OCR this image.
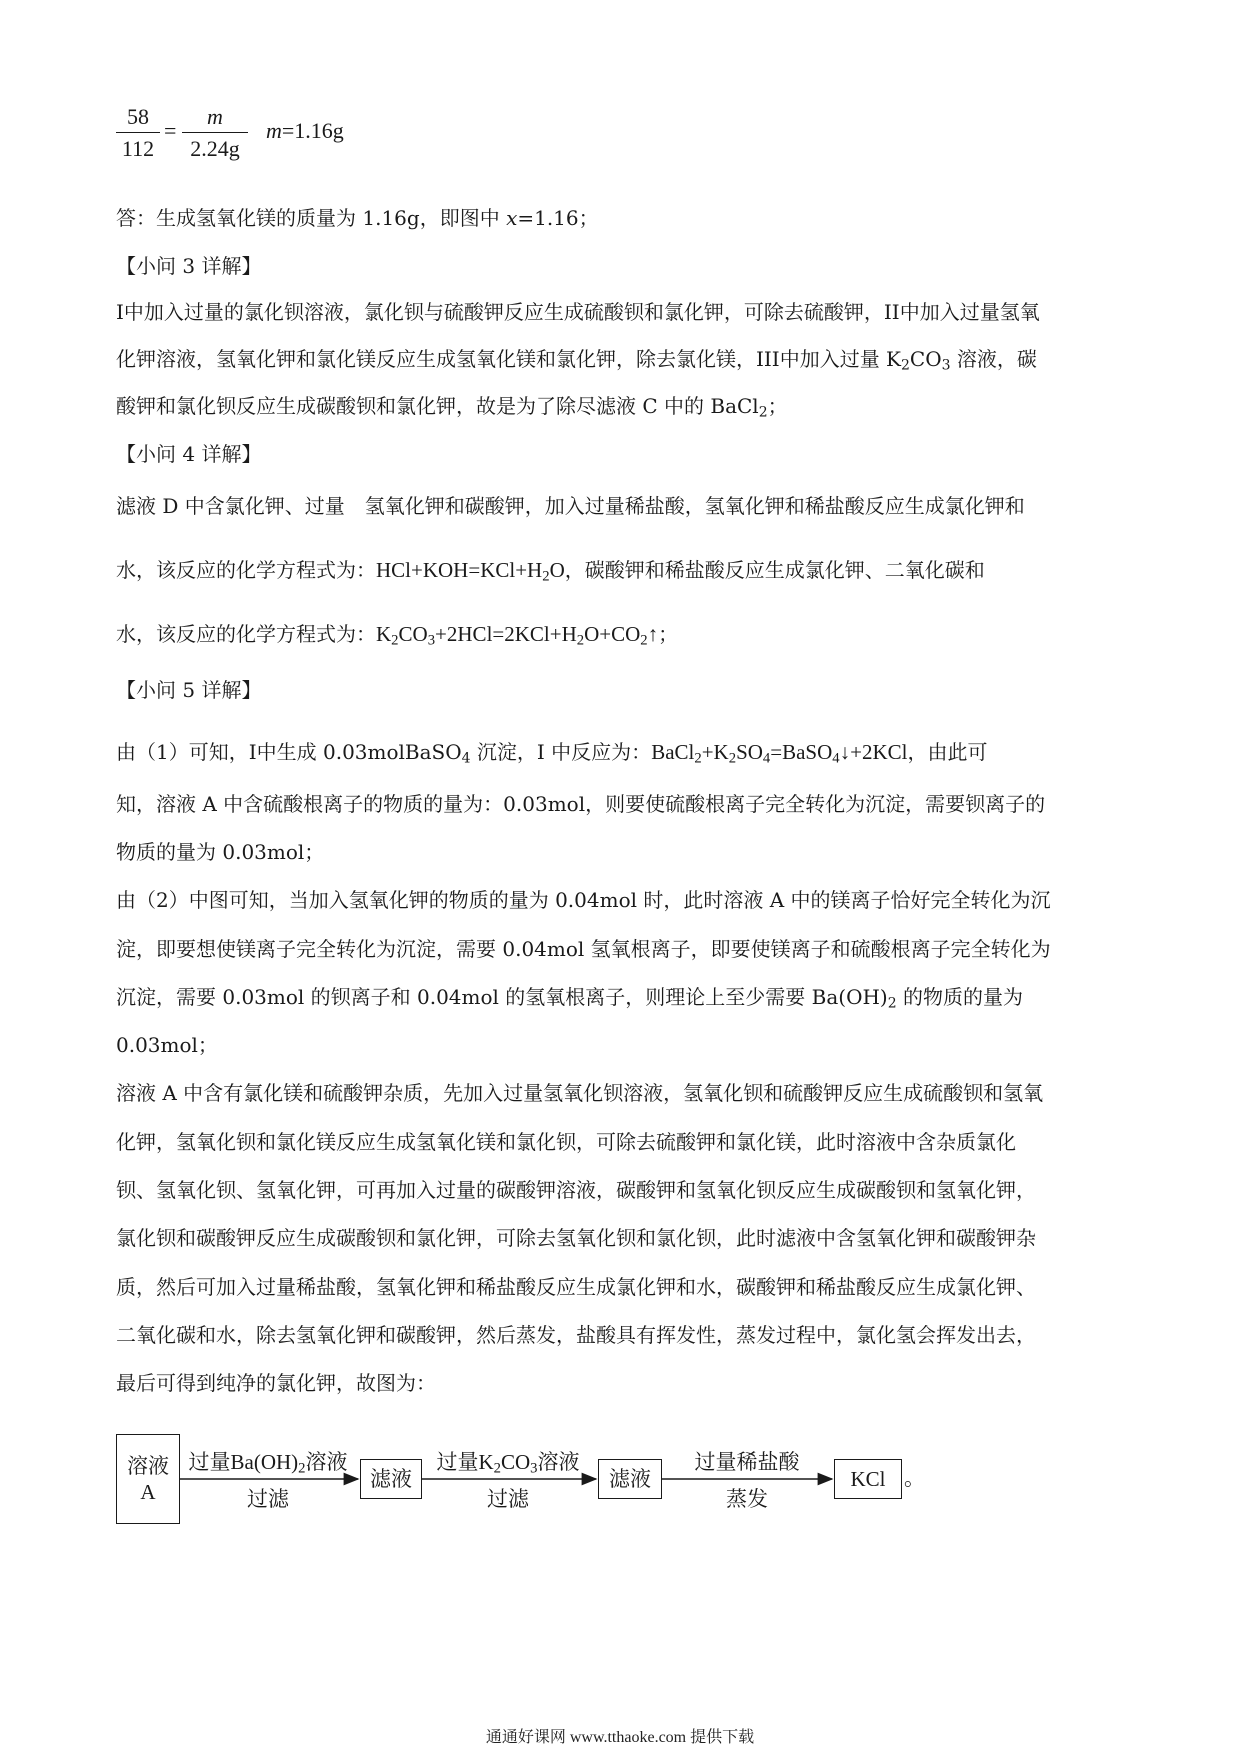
$\frac{58}{112} = \frac{m}{2.24g} m=1.16g$
答：生成氢氧化镁的质量为 1.16g，即图中 x=1.16；
【小问 3 详解】
I中加入过量的氯化钡溶液，氯化钡与硫酸钾反应生成硫酸钡和氯化钾，可除去硫酸钾，II中加入过量氢氧
化钾溶液，氢氧化钾和氯化镁反应生成氢氧化镁和氯化钾，除去氯化镁，III中加入过量 $K_2CO_3$ 溶液，碳
酸钾和氯化钡反应生成碳酸钡和氯化钾，故是为了除尽滤液 C 中的 BaCl$_2$；
【小问 4 详解】
滤液 D 中含氯化钾、过量　氢氧化钾和碳酸钾，加入过量稀盐酸，氢氧化钾和稀盐酸反应生成氯化钾和
水，该反应的化学方程式为：$HCl+KOH=KCl+H_2O$，碳酸钾和稀盐酸反应生成氯化钾、二氧化碳和
水，该反应的化学方程式为：$K_2CO_3+2HCl=2KCl+H_2O+CO_2↑$；
【小问 5 详解】
由（1）可知，I中生成 0.03molBaSO$_4$ 沉淀，I 中反应为：$BaCl_2+K_2SO_4=BaSO_4↓+2KCl$，由此可
知，溶液 A 中含硫酸根离子的物质的量为：0.03mol，则要使硫酸根离子完全转化为沉淀，需要钡离子的
物质的量为 0.03mol；
由（2）中图可知，当加入氢氧化钾的物质的量为 0.04mol 时，此时溶液 A 中的镁离子恰好完全转化为沉
淀，即要想使镁离子完全转化为沉淀，需要 0.04mol 氢氧根离子，即要使镁离子和硫酸根离子完全转化为
沉淀，需要 0.03mol 的钡离子和 0.04mol 的氢氧根离子，则理论上至少需要 $Ba(OH)_2$ 的物质的量为
0.03mol；
溶液 A 中含有氯化镁和硫酸钾杂质，先加入过量氢氧化钡溶液，氢氧化钡和硫酸钾反应生成硫酸钡和氢氧
化钾，氢氧化钡和氯化镁反应生成氢氧化镁和氯化钡，可除去硫酸钾和氯化镁，此时溶液中含杂质氯化
钡、氢氧化钡、氢氧化钾，可再加入过量的碳酸钾溶液，碳酸钾和氢氧化钡反应生成碳酸钡和氢氧化钾，
氯化钡和碳酸钾反应生成碳酸钡和氯化钾，可除去氢氧化钡和氯化钡，此时滤液中含氢氧化钾和碳酸钾杂
质，然后可加入过量稀盐酸，氢氧化钾和稀盐酸反应生成氯化钾和水，碳酸钾和稀盐酸反应生成氯化钾、
二氧化碳和水，除去氢氧化钾和碳酸钾，然后蒸发，盐酸具有挥发性，蒸发过程中，氯化氢会挥发出去，
最后可得到纯净的氯化钾，故图为：
溶液
A
过量$Ba(OH)_2$溶液
过滤
滤液
过量$K_2CO_3$溶液
过滤
滤液
过量稀盐酸
蒸发
KCl 。
通通好课网 www.tthaoke.com 提供下载
